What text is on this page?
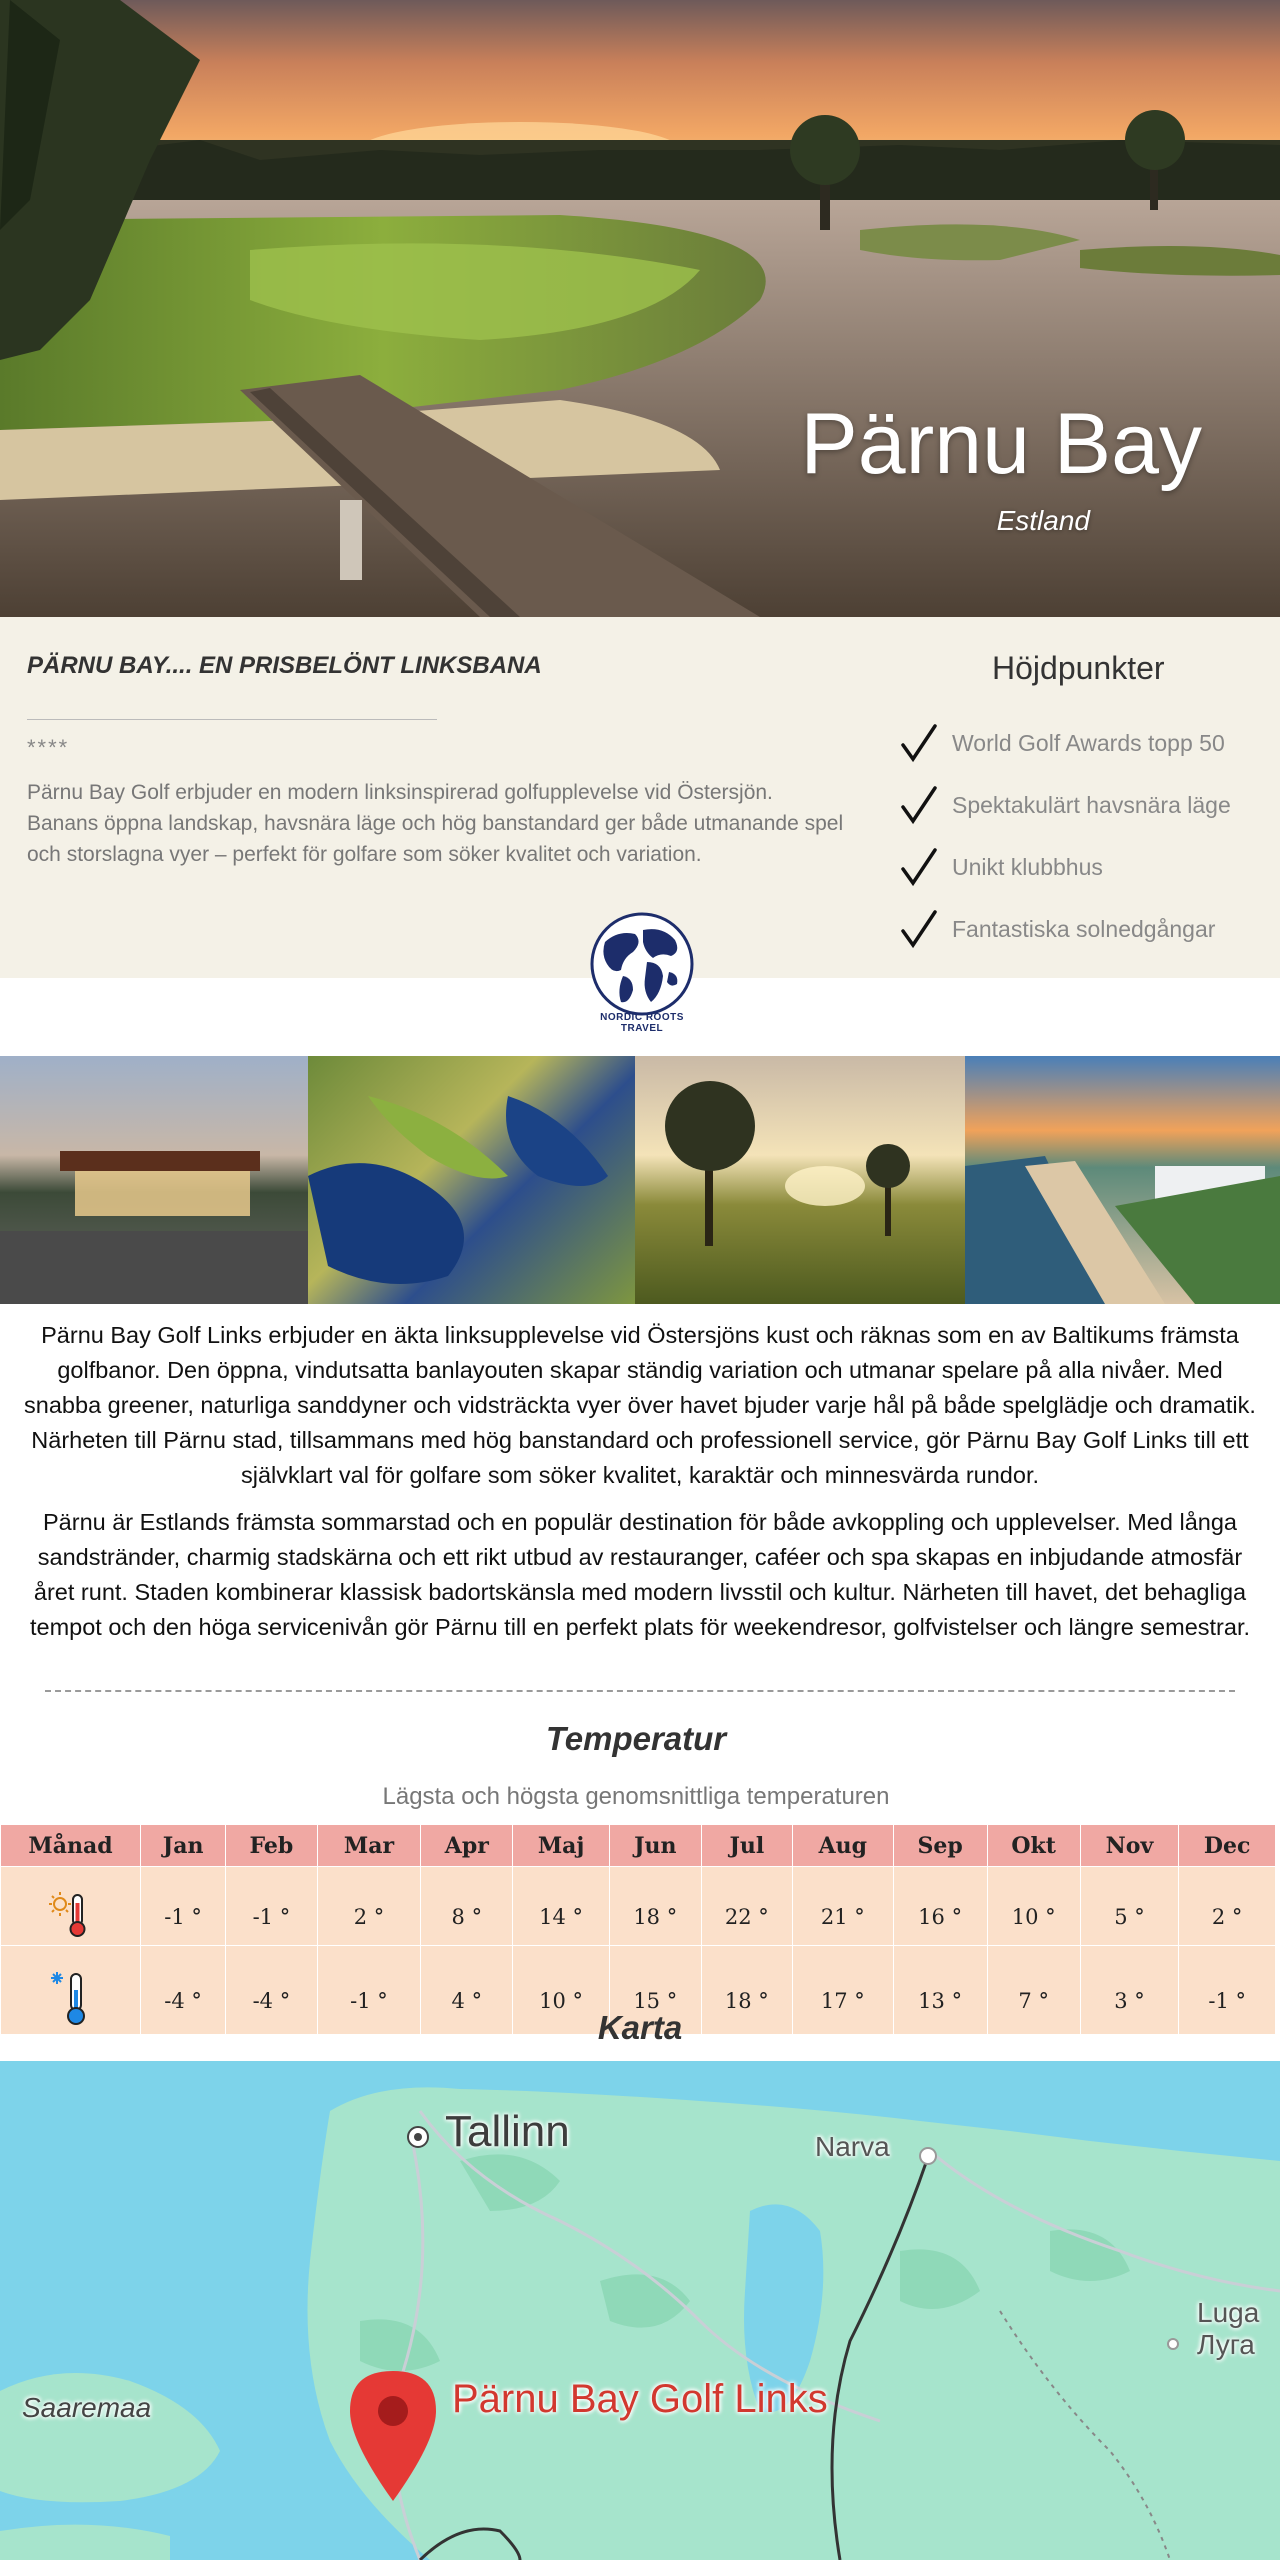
Pärnu Bay
Estland
PÄRNU BAY.... EN PRISBELÖNT LINKSBANA
****
Pärnu Bay Golf erbjuder en modern linksinspirerad golfupplevelse vid Östersjön. Banans öppna landskap, havsnära läge och hög banstandard ger både utmanande spel och storslagna vyer – perfekt för golfare som söker kvalitet och variation.
Höjdpunkter
World Golf Awards topp 50
Spektakulärt havsnära läge
Unikt klubbhus
Fantastiska solnedgångar
NORDIC ROOTS TRAVEL

Pärnu Bay Golf Links erbjuder en äkta linksupplevelse vid Östersjöns kust och räknas som en av Baltikums främsta golfbanor. Den öppna, vindutsatta banlayouten skapar ständig variation och utmanar spelare på alla nivåer. Med snabba greener, naturliga sanddyner och vidsträckta vyer över havet bjuder varje hål på både spelglädje och dramatik. Närheten till Pärnu stad, tillsammans med hög banstandard och professionell service, gör Pärnu Bay Golf Links till ett självklart val för golfare som söker kvalitet, karaktär och minnesvärda rundor.

Pärnu är Estlands främsta sommarstad och en populär destination för både avkoppling och upplevelser. Med långa sandstränder, charmig stadskärna och ett rikt utbud av restauranger, caféer och spa skapas en inbjudande atmosfär året runt. Staden kombinerar klassisk badortskänsla med modern livsstil och kultur. Närheten till havet, det behagliga tempot och den höga servicenivån gör Pärnu till en perfekt plats för weekendresor, golfvistelser och längre semestrar.

Temperatur
Lägsta och högsta genomsnittliga temperaturen
Månad	Jan	Feb	Mar	Apr	Maj	Jun	Jul	Aug	Sep	Okt	Nov	Dec
	-1 °	-1 °	2 °	8 °	14 °	18 °	22 °	21 °	16 °	10 °	5 °	2 °
	-4 °	-4 °	-1 °	4 °	10 °	15 °	18 °	17 °	13 °	7 °	3 °	-1 °
Karta
Tallinn	Narva
Saaremaa
Luga
Луга
Pärnu Bay Golf Links
